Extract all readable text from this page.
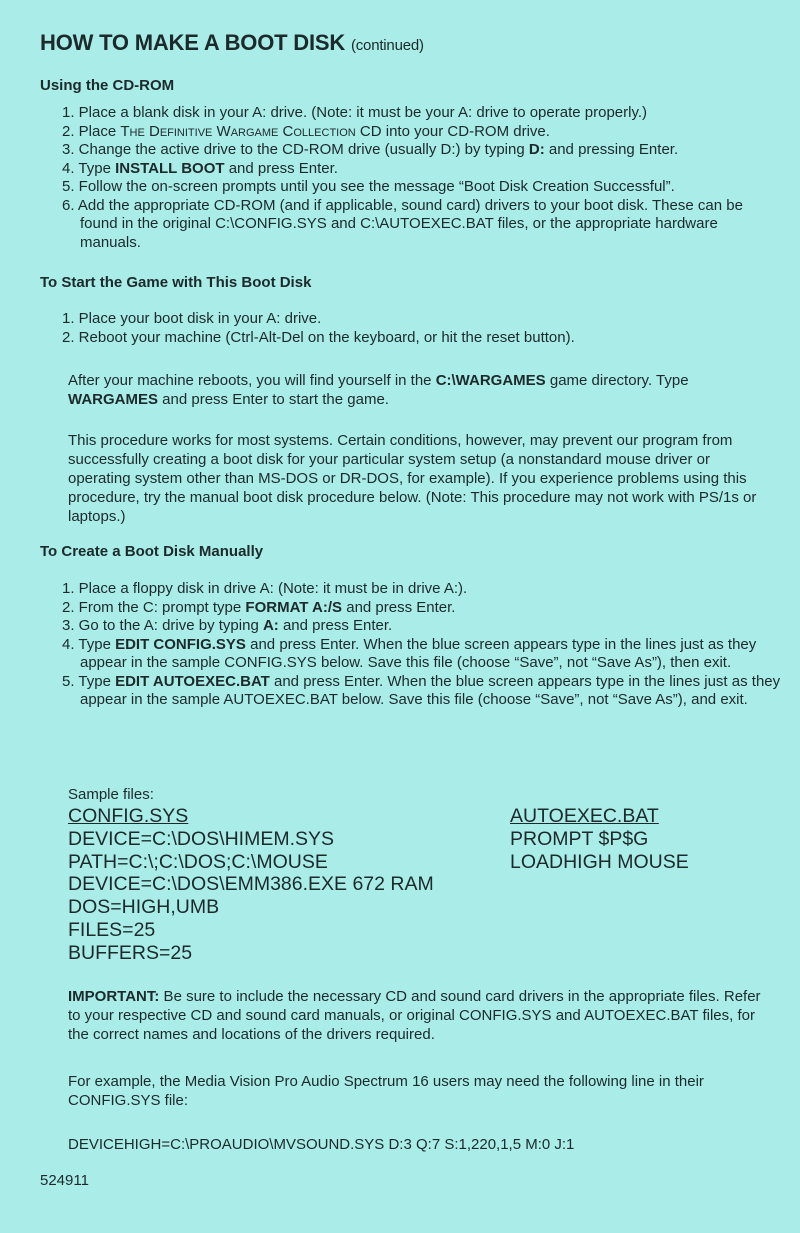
HOW TO MAKE A BOOT DISK (continued)

Using the CD-ROM

1. Place a blank disk in your A: drive. (Note: it must be your A: drive to operate properly.)
2. Place The Definitive Wargame Collection CD into your CD-ROM drive.
3. Change the active drive to the CD-ROM drive (usually D:) by typing D: and pressing Enter.
4. Type INSTALL BOOT and press Enter.
5. Follow the on-screen prompts until you see the message “Boot Disk Creation Successful”.
6. Add the appropriate CD-ROM (and if applicable, sound card) drivers to your boot disk. These can be found in the original C:\CONFIG.SYS and C:\AUTOEXEC.BAT files, or the appropriate hardware manuals.

To Start the Game with This Boot Disk

1. Place your boot disk in your A: drive.
2. Reboot your machine (Ctrl-Alt-Del on the keyboard, or hit the reset button).

After your machine reboots, you will find yourself in the C:\WARGAMES game directory. Type WARGAMES and press Enter to start the game.

This procedure works for most systems. Certain conditions, however, may prevent our program from successfully creating a boot disk for your particular system setup (a nonstandard mouse driver or operating system other than MS-DOS or DR-DOS, for example). If you experience problems using this procedure, try the manual boot disk procedure below. (Note: This procedure may not work with PS/1s or laptops.)

To Create a Boot Disk Manually

1. Place a floppy disk in drive A: (Note: it must be in drive A:).
2. From the C: prompt type FORMAT A:/S and press Enter.
3. Go to the A: drive by typing A: and press Enter.
4. Type EDIT CONFIG.SYS and press Enter. When the blue screen appears type in the lines just as they appear in the sample CONFIG.SYS below. Save this file (choose “Save”, not “Save As”), then exit.
5. Type EDIT AUTOEXEC.BAT and press Enter. When the blue screen appears type in the lines just as they appear in the sample AUTOEXEC.BAT below. Save this file (choose “Save”, not “Save As”), and exit.

Sample files:

CONFIG.SYS
DEVICE=C:\DOS\HIMEM.SYS
PATH=C:\;C:\DOS;C:\MOUSE
DEVICE=C:\DOS\EMM386.EXE 672 RAM
DOS=HIGH,UMB
FILES=25
BUFFERS=25
AUTOEXEC.BAT
PROMPT $P$G
LOADHIGH MOUSE

IMPORTANT: Be sure to include the necessary CD and sound card drivers in the appropriate files. Refer to your respective CD and sound card manuals, or original CONFIG.SYS and AUTOEXEC.BAT files, for the correct names and locations of the drivers required.

For example, the Media Vision Pro Audio Spectrum 16 users may need the following line in their CONFIG.SYS file:

DEVICEHIGH=C:\PROAUDIO\MVSOUND.SYS D:3 Q:7 S:1,220,1,5 M:0 J:1

524911
